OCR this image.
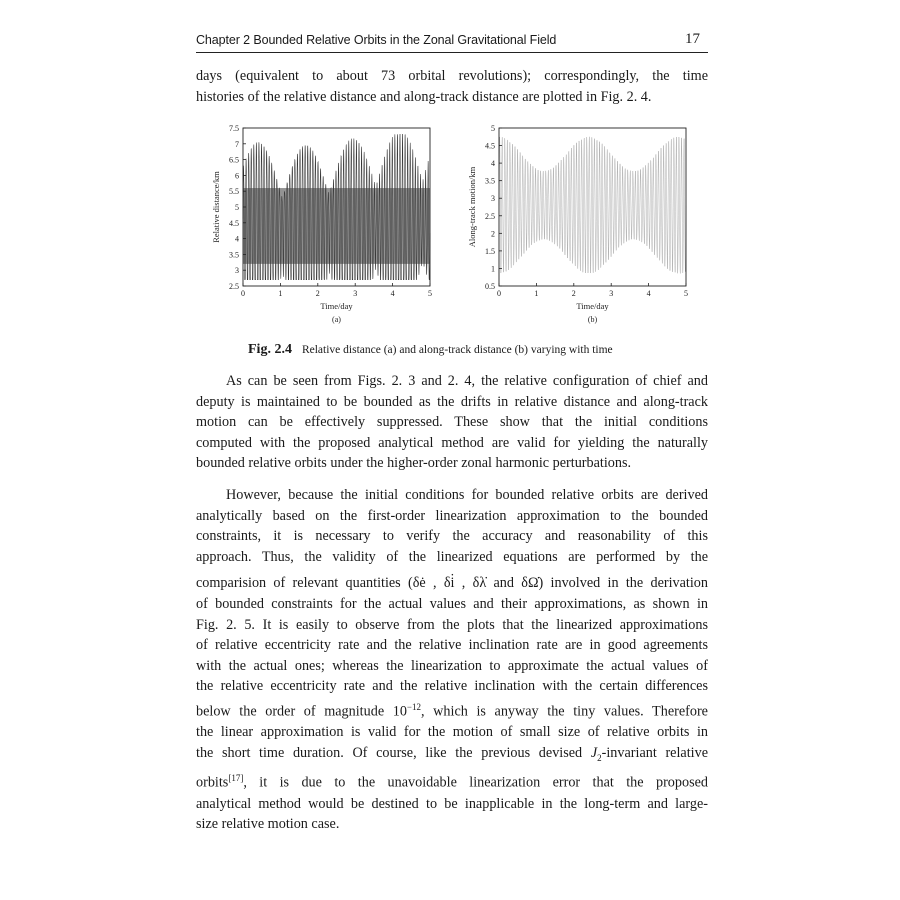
Chapter 2 Bounded Relative Orbits in the Zonal Gravitational Field	17
days (equivalent to about 73 orbital revolutions); correspondingly, the time
histories of the relative distance and along-track distance are plotted in Fig. 2. 4.
0	1	2	3	4	5
2.5
3
3.5
4
4.5
5
5.5
6
6.5
7
7.5
Time/day
Relative distance/km
(a)
0	1	2	3	4	5
0.5
1
1.5
2
2.5
3
3.5
4
4.5
5
Time/day
Along-track motion/km
(b)
Fig. 2.4 Relative distance (a) and along-track distance (b) varying with time
As can be seen from Figs. 2. 3 and 2. 4, the relative configuration of chief and
deputy is maintained to be bounded as the drifts in relative distance and along-track
motion can be effectively suppressed. These show that the initial conditions
computed with the proposed analytical method are valid for yielding the naturally
bounded relative orbits under the higher-order zonal harmonic perturbations.
However, because the initial conditions for bounded relative orbits are derived
analytically based on the first-order linearization approximation to the bounded
constraints, it is necessary to verify the accuracy and reasonability of this
approach. Thus, the validity of the linearized equations are performed by the
comparision of relevant quantities (δė , δi̇ , δλ̇ and δΩ̇) involved in the derivation
of bounded constraints for the actual values and their approximations, as shown in
Fig. 2. 5. It is easily to observe from the plots that the linearized approximations
of relative eccentricity rate and the relative inclination rate are in good agreements
with the actual ones; whereas the linearization to approximate the actual values of
the relative eccentricity rate and the relative inclination with the certain differences
below the order of magnitude $10^{-12}$, which is anyway the tiny values. Therefore
the linear approximation is valid for the motion of small size of relative orbits in
the short time duration. Of course, like the previous devised $J_2$-invariant relative
orbits[17], it is due to the unavoidable linearization error that the proposed
analytical method would be destined to be inapplicable in the long-term and large-
size relative motion case.
